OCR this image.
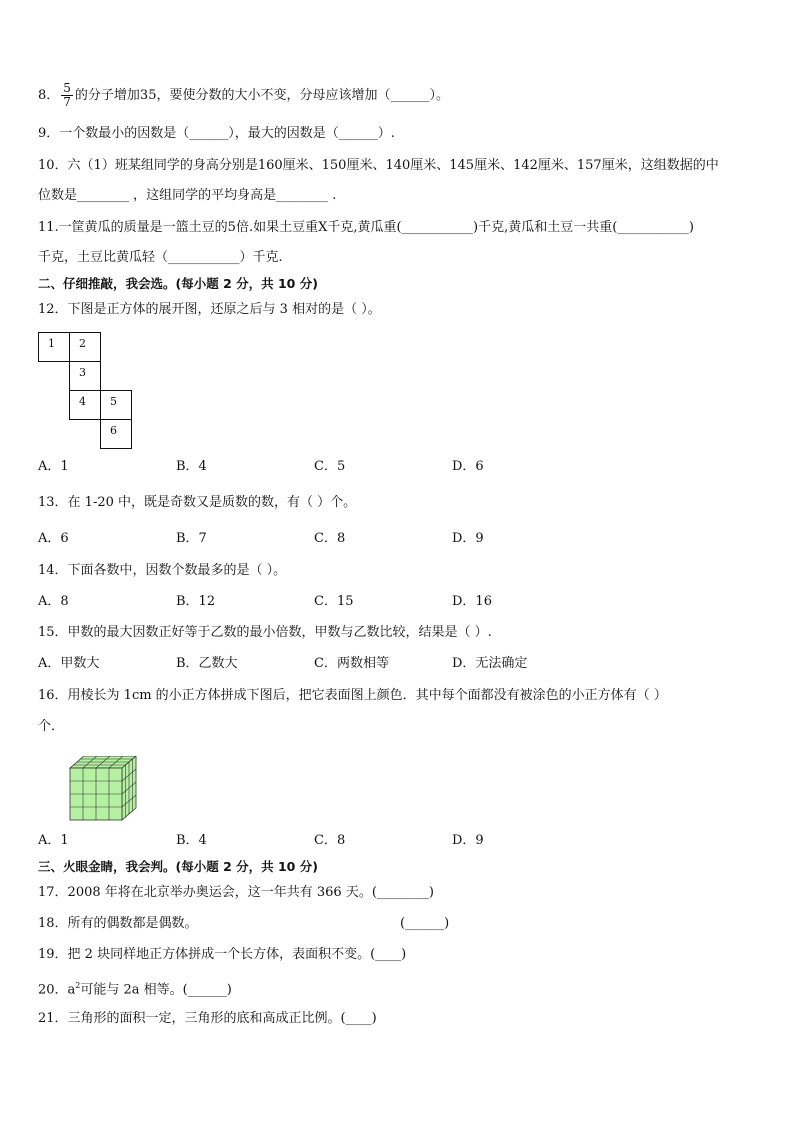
8． $\frac{5}{7}$ 的分子增加35，要使分数的大小不变，分母应该增加（______）。
9．一个数最小的因数是（______），最大的因数是（______）.
10．六（1）班某组同学的身高分别是160厘米、150厘米、140厘米、145厘米、142厘米、157厘米，这组数据的中
位数是________ ，这组同学的平均身高是________ .
11.一筐黄瓜的质量是一篮土豆的5倍.如果土豆重X千克,黄瓜重(___________)千克,黄瓜和土豆一共重(___________)
千克，土豆比黄瓜轻（___________）千克.
二、仔细推敲，我会选。(每小题 2 分，共 10 分)
12．下图是正方体的展开图，还原之后与 3 相对的是（ ）。
1	2
3
4	5
6
A．1	B．4	C．5	D．6
13．在 1-20 中，既是奇数又是质数的数，有（ ）个。
A．6	B．7	C．8	D．9
14．下面各数中，因数个数最多的是（ ）。
A．8	B．12	C．15	D．16
15．甲数的最大因数正好等于乙数的最小倍数，甲数与乙数比较，结果是（ ）.
A．甲数大	B．乙数大	C．两数相等	D．无法确定
16．用棱长为 1cm 的小正方体拼成下图后，把它表面图上颜色．其中每个面都没有被涂色的小正方体有（ ）
个．
A．1	B．4	C．8	D．9
三、火眼金睛，我会判。(每小题 2 分，共 10 分)
17．2008 年将在北京举办奥运会，这一年共有 366 天。(________)
18．所有的偶数都是偶数。	(______)
19．把 2 块同样地正方体拼成一个长方体，表面积不变。(____)
20．$a^2$可能与 2a 相等。(______)
21．三角形的面积一定，三角形的底和高成正比例。(____)
